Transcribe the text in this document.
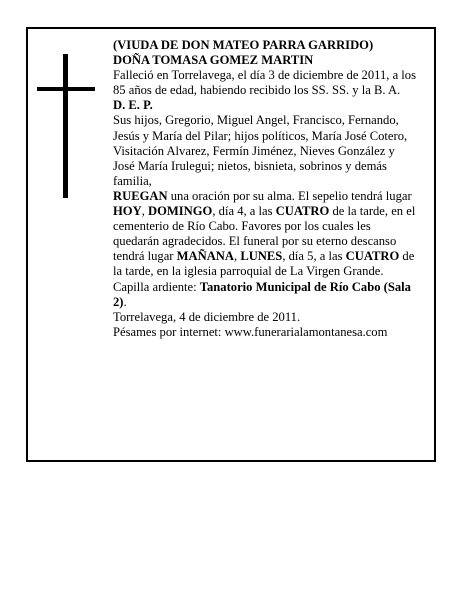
(VIUDA DE DON MATEO PARRA GARRIDO)

DOÑA TOMASA GOMEZ MARTIN

Falleció en Torrelavega, el día 3 de diciembre de 2011, a los 85 años de edad, habiendo recibido los SS. SS. y la B. A.

D. E. P.

Sus hijos, Gregorio, Miguel Angel, Francisco, Fernando, Jesús y María del Pilar; hijos políticos, María José Cotero, Visitación Alvarez, Fermín Jiménez, Nieves González y José María Irulegui; nietos, bisnieta, sobrinos y demás familia,

RUEGAN una oración por su alma. El sepelio tendrá lugar HOY, DOMINGO, día 4, a las CUATRO de la tarde, en el cementerio de Río Cabo. Favores por los cuales les quedarán agradecidos. El funeral por su eterno descanso tendrá lugar MAÑANA, LUNES, día 5, a las CUATRO de la tarde, en la iglesia parroquial de La Virgen Grande.

Capilla ardiente: Tanatorio Municipal de Río Cabo (Sala 2).

Torrelavega, 4 de diciembre de 2011.

Pésames por internet: www.funerarialamontanesa.com
